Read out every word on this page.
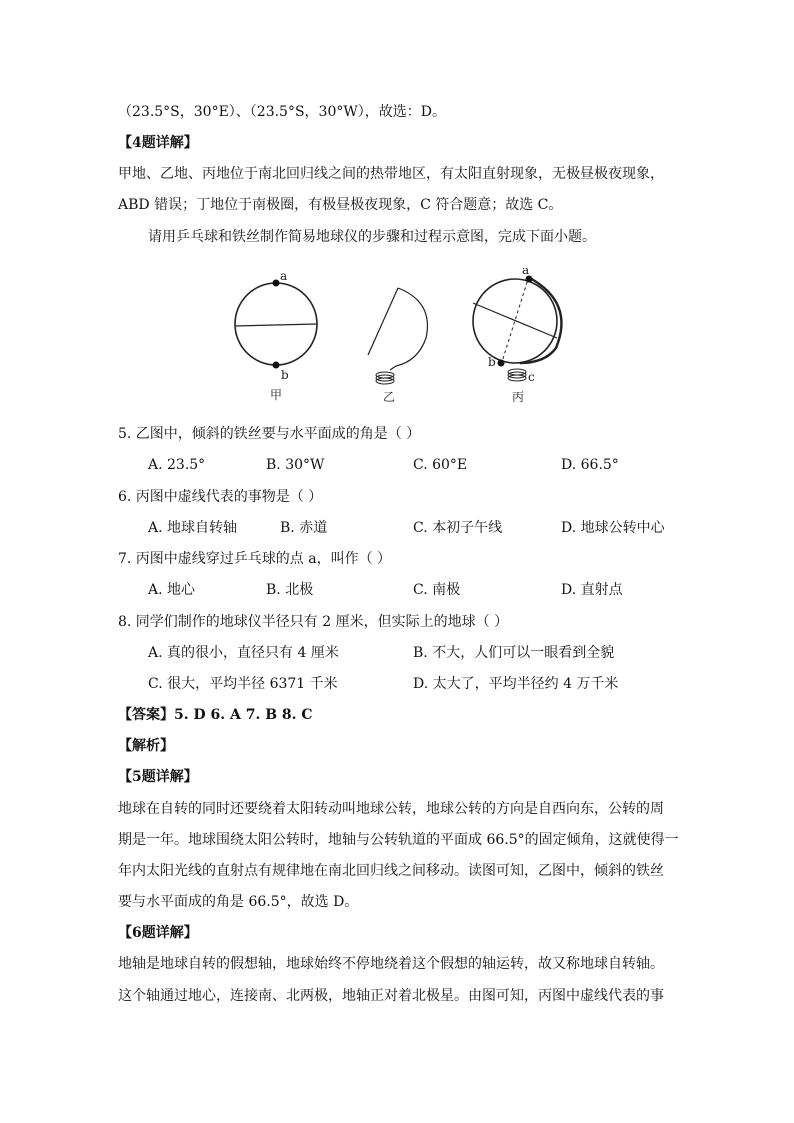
（23.5°S，30°E）、（23.5°S，30°W），故选：D。
【4题详解】
甲地、乙地、丙地位于南北回归线之间的热带地区，有太阳直射现象，无极昼极夜现象，
ABD 错误；丁地位于南极圈，有极昼极夜现象，C 符合题意；故选 C。
请用乒乓球和铁丝制作简易地球仪的步骤和过程示意图，完成下面小题。
a
b
甲	乙
a
b
c
丙
5. 乙图中，倾斜的铁丝要与水平面成的角是（ ）
A. 23.5°	B. 30°W	C. 60°E	D. 66.5°
6. 丙图中虚线代表的事物是（ ）
A. 地球自转轴	B. 赤道	C. 本初子午线	D. 地球公转中心
7. 丙图中虚线穿过乒乓球的点 a，叫作（ ）
A. 地心	B. 北极	C. 南极	D. 直射点
8. 同学们制作的地球仪半径只有 2 厘米，但实际上的地球（ ）
A. 真的很小，直径只有 4 厘米	B. 不大，人们可以一眼看到全貌
C. 很大，平均半径 6371 千米	D. 太大了，平均半径约 4 万千米
【答案】5. D 6. A 7. B 8. C
【解析】
【5题详解】
地球在自转的同时还要绕着太阳转动叫地球公转，地球公转的方向是自西向东，公转的周
期是一年。地球围绕太阳公转时，地轴与公转轨道的平面成 66.5°的固定倾角，这就使得一
年内太阳光线的直射点有规律地在南北回归线之间移动。读图可知，乙图中，倾斜的铁丝
要与水平面成的角是 66.5°，故选 D。
【6题详解】
地轴是地球自转的假想轴，地球始终不停地绕着这个假想的轴运转，故又称地球自转轴。
这个轴通过地心，连接南、北两极，地轴正对着北极星。由图可知，丙图中虚线代表的事
